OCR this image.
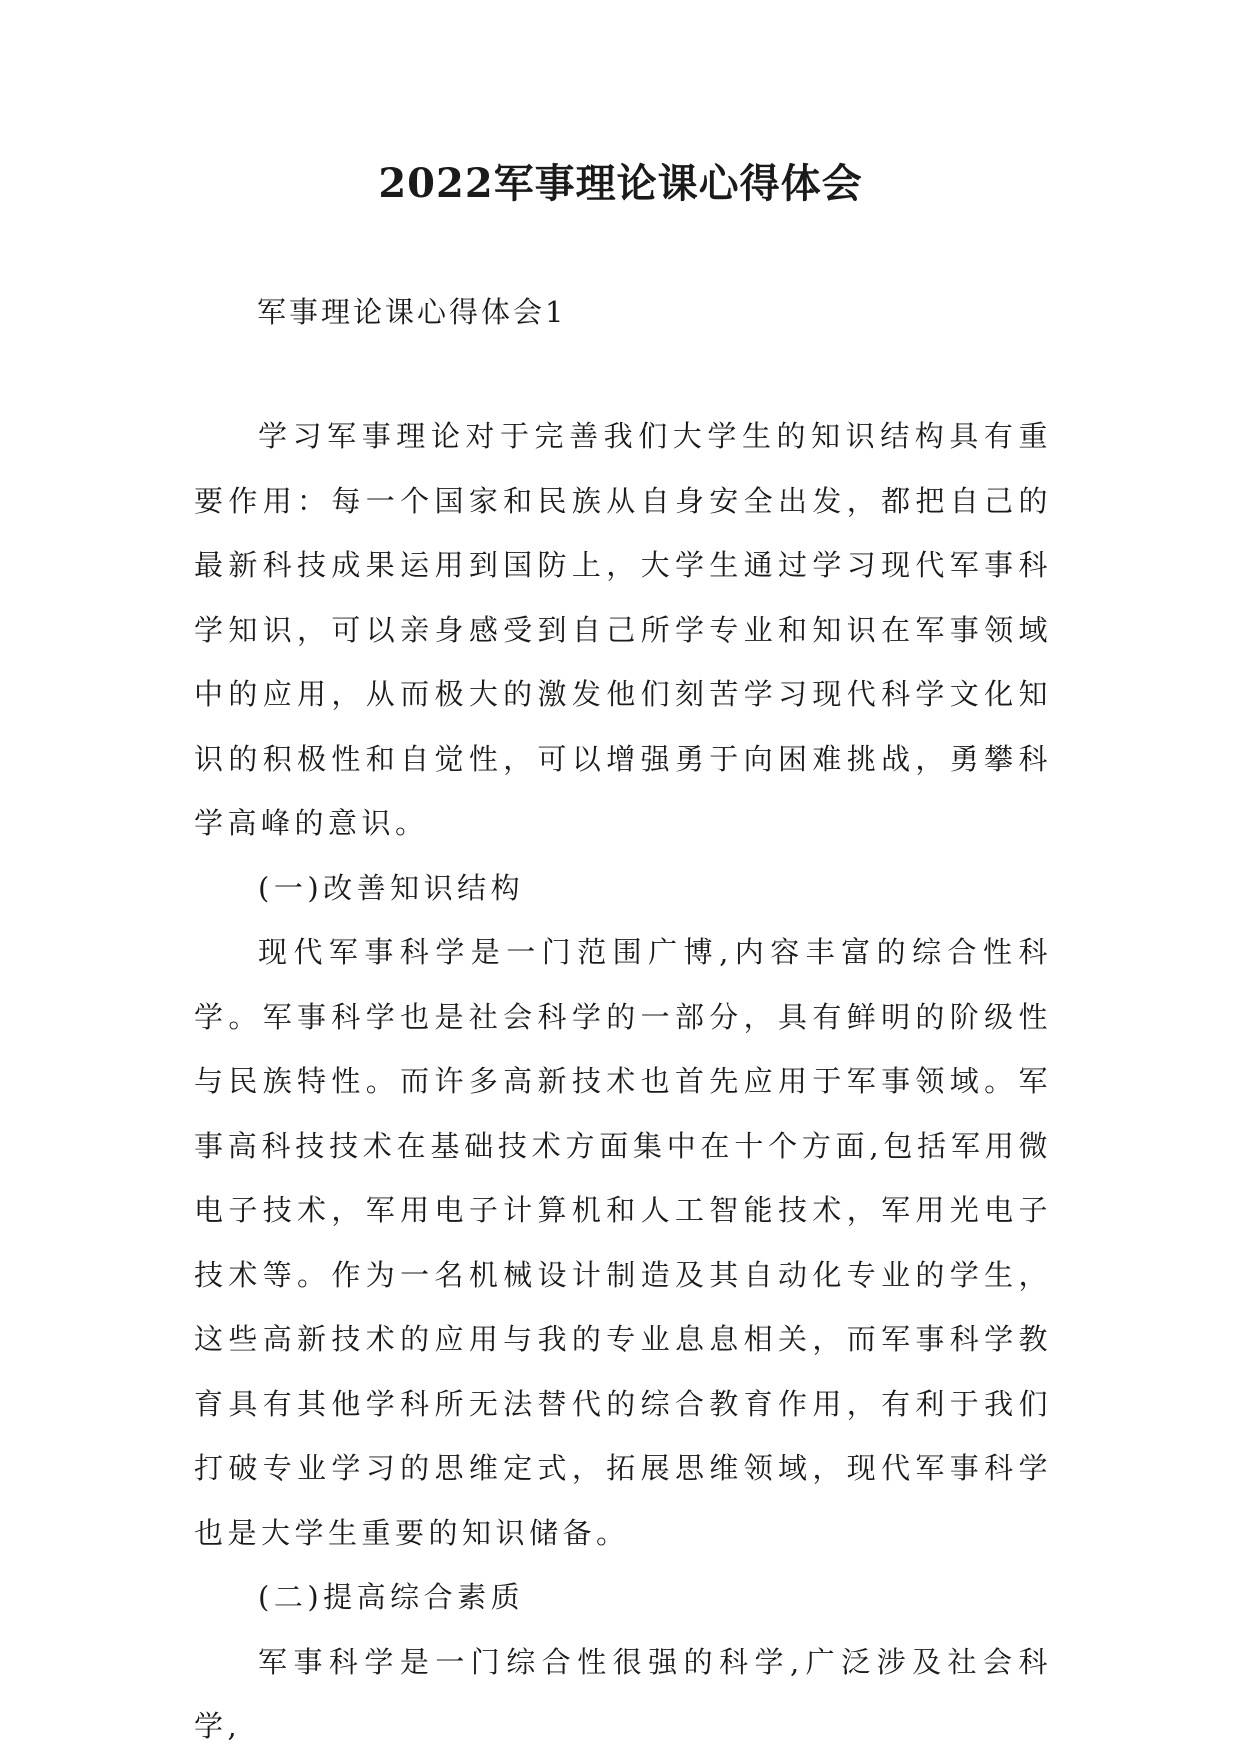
2022军事理论课心得体会
军事理论课心得体会1

学习军事理论对于完善我们大学生的知识结构具有重要作用：每一个国家和民族从自身安全出发，都把自己的最新科技成果运用到国防上，大学生通过学习现代军事科学知识，可以亲身感受到自己所学专业和知识在军事领域中的应用，从而极大的激发他们刻苦学习现代科学文化知识的积极性和自觉性，可以增强勇于向困难挑战，勇攀科学高峰的意识。

(一)改善知识结构

现代军事科学是一门范围广博,内容丰富的综合性科学。军事科学也是社会科学的一部分，具有鲜明的阶级性与民族特性。而许多高新技术也首先应用于军事领域。军事高科技技术在基础技术方面集中在十个方面,包括军用微电子技术，军用电子计算机和人工智能技术，军用光电子技术等。作为一名机械设计制造及其自动化专业的学生，这些高新技术的应用与我的专业息息相关，而军事科学教育具有其他学科所无法替代的综合教育作用，有利于我们打破专业学习的思维定式，拓展思维领域，现代军事科学也是大学生重要的知识储备。

(二)提高综合素质

军事科学是一门综合性很强的科学,广泛涉及社会科学,
